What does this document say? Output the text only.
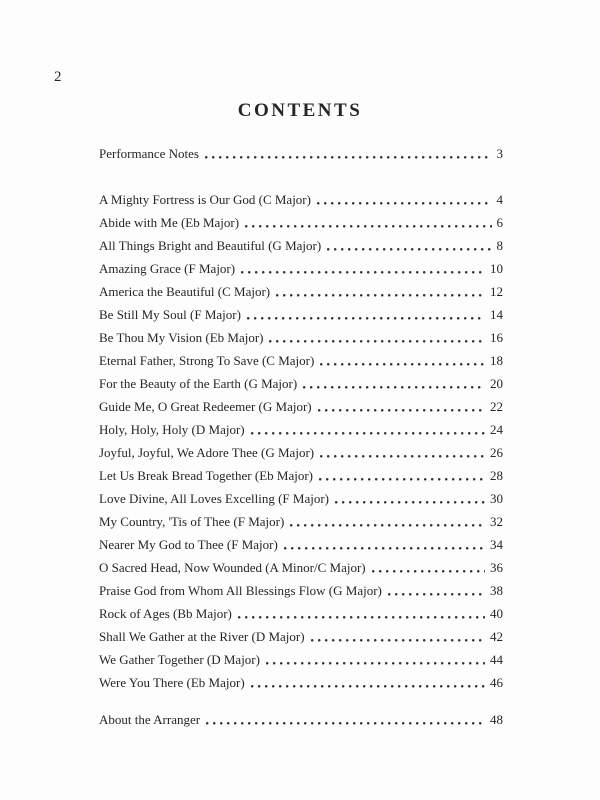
2
CONTENTS
Performance Notes	3
A Mighty Fortress is Our God (C Major)	4
Abide with Me (Eb Major)	6
All Things Bright and Beautiful (G Major)	8
Amazing Grace (F Major)	10
America the Beautiful (C Major)	12
Be Still My Soul (F Major)	14
Be Thou My Vision (Eb Major)	16
Eternal Father, Strong To Save (C Major)	18
For the Beauty of the Earth (G Major)	20
Guide Me, O Great Redeemer (G Major)	22
Holy, Holy, Holy (D Major)	24
Joyful, Joyful, We Adore Thee (G Major)	26
Let Us Break Bread Together (Eb Major)	28
Love Divine, All Loves Excelling (F Major)	30
My Country, 'Tis of Thee (F Major)	32
Nearer My God to Thee (F Major)	34
O Sacred Head, Now Wounded (A Minor/C Major)	36
Praise God from Whom All Blessings Flow (G Major)	38
Rock of Ages (Bb Major)	40
Shall We Gather at the River (D Major)	42
We Gather Together (D Major)	44
Were You There (Eb Major)	46
About the Arranger	48
